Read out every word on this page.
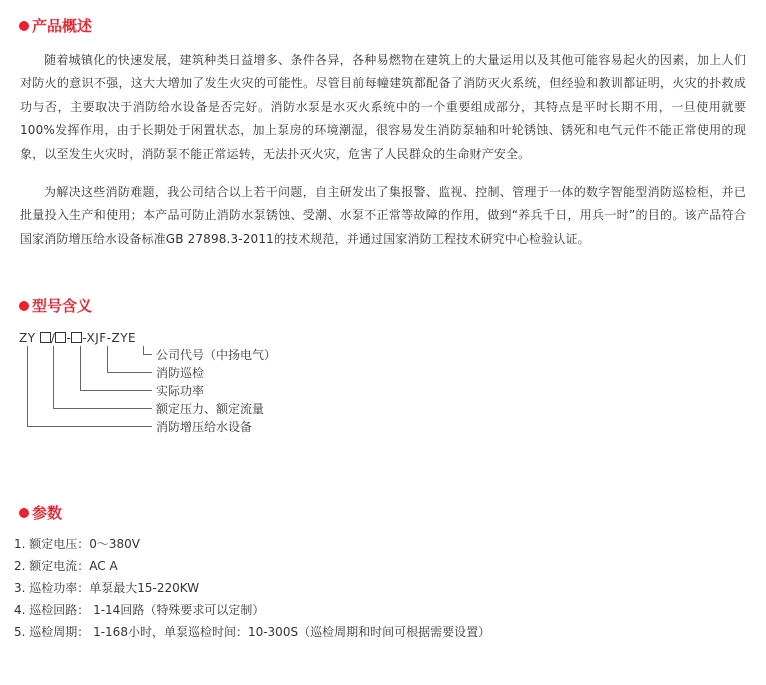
产品概述
随着城镇化的快速发展，建筑种类日益增多、条件各异，各种易燃物在建筑上的大量运用以及其他可能容易起火的因素，加上人们对防火的意识不强，这大大增加了发生火灾的可能性。尽管目前每幢建筑都配备了消防灭火系统，但经验和教训都证明，火灾的扑救成功与否，主要取决于消防给水设备是否完好。消防水泵是水灭火系统中的一个重要组成部分，其特点是平时长期不用，一旦使用就要100%发挥作用，由于长期处于闲置状态，加上泵房的环境潮湿，很容易发生消防泵轴和叶轮锈蚀、锈死和电气元件不能正常使用的现象，以至发生火灾时，消防泵不能正常运转，无法扑灭火灾，危害了人民群众的生命财产安全。
为解决这些消防难题，我公司结合以上若干问题，自主研发出了集报警、监视、控制、管理于一体的数字智能型消防巡检柜，并已批量投入生产和使用；本产品可防止消防水泵锈蚀、受潮、水泵不正常等故障的作用，做到“养兵千日，用兵一时”的目的。该产品符合国家消防增压给水设备标准GB 27898.3-2011的技术规范，并通过国家消防工程技术研究中心检验认证。
型号含义
ZY / - -XJF-ZYE
公司代号（中扬电气）
消防巡检
实际功率
额定压力、额定流量
消防增压给水设备
参数
1. 额定电压：0～380V
2. 额定电流：AC A
3. 巡检功率：单泵最大15-220KW
4. 巡检回路： 1-14回路（特殊要求可以定制）
5. 巡检周期： 1-168小时，单泵巡检时间：10-300S（巡检周期和时间可根据需要设置）
